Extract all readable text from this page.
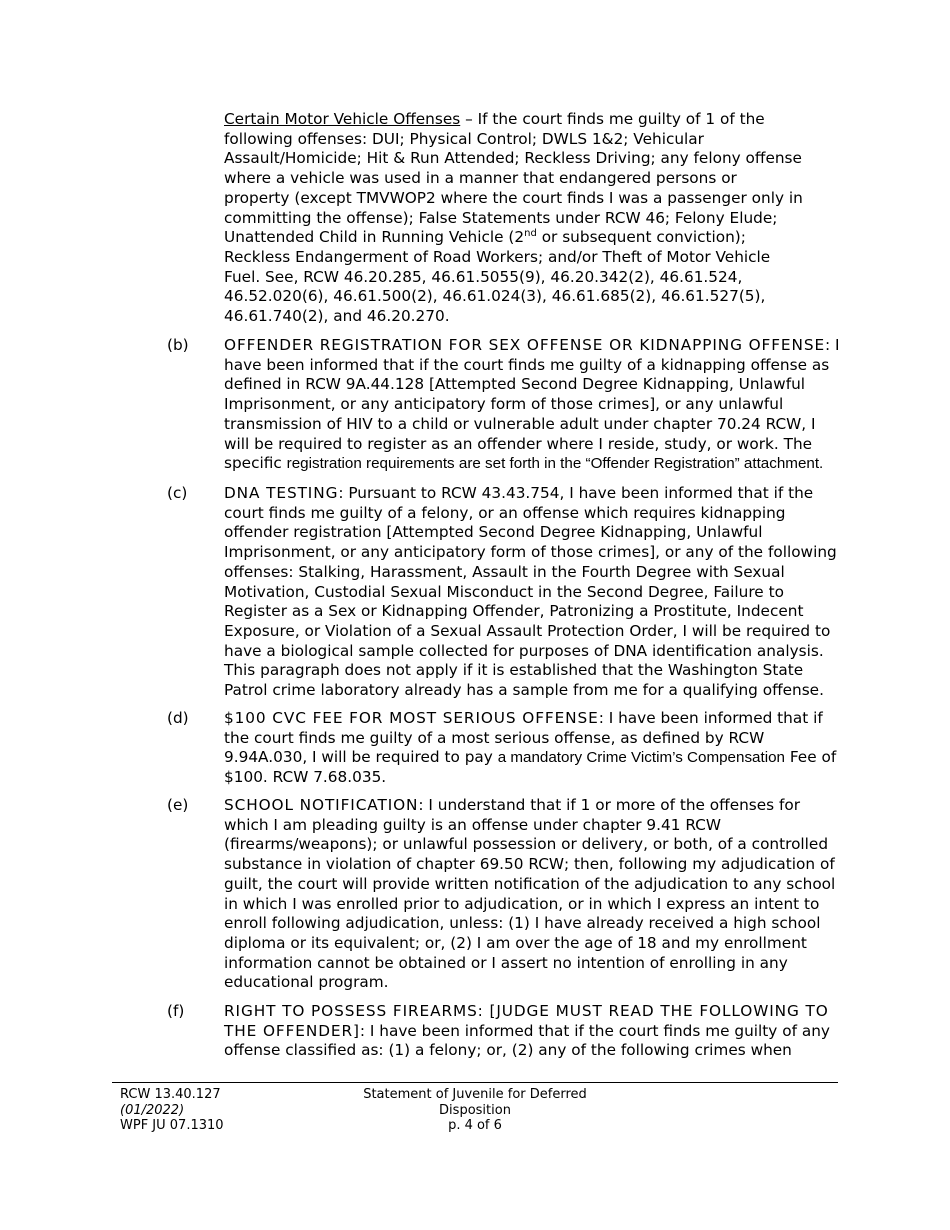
Certain Motor Vehicle Offenses – If the court finds me guilty of 1 of the following offenses: DUI; Physical Control; DWLS 1&2; Vehicular Assault/Homicide; Hit & Run Attended; Reckless Driving; any felony offense where a vehicle was used in a manner that endangered persons or property (except TMVWOP2 where the court finds I was a passenger only in committing the offense); False Statements under RCW 46; Felony Elude; Unattended Child in Running Vehicle (2nd or subsequent conviction); Reckless Endangerment of Road Workers; and/or Theft of Motor Vehicle Fuel. See, RCW 46.20.285, 46.61.5055(9), 46.20.342(2), 46.61.524, 46.52.020(6), 46.61.500(2), 46.61.024(3), 46.61.685(2), 46.61.527(5), 46.61.740(2), and 46.20.270.
(b)	OFFENDER REGISTRATION FOR SEX OFFENSE OR KIDNAPPING OFFENSE: I have been informed that if the court finds me guilty of a kidnapping offense as defined in RCW 9A.44.128 [Attempted Second Degree Kidnapping, Unlawful Imprisonment, or any anticipatory form of those crimes], or any unlawful transmission of HIV to a child or vulnerable adult under chapter 70.24 RCW, I will be required to register as an offender where I reside, study, or work. The specific registration requirements are set forth in the “Offender Registration” attachment.
(c)	DNA TESTING: Pursuant to RCW 43.43.754, I have been informed that if the court finds me guilty of a felony, or an offense which requires kidnapping offender registration [Attempted Second Degree Kidnapping, Unlawful Imprisonment, or any anticipatory form of those crimes], or any of the following offenses: Stalking, Harassment, Assault in the Fourth Degree with Sexual Motivation, Custodial Sexual Misconduct in the Second Degree, Failure to Register as a Sex or Kidnapping Offender, Patronizing a Prostitute, Indecent Exposure, or Violation of a Sexual Assault Protection Order, I will be required to have a biological sample collected for purposes of DNA identification analysis. This paragraph does not apply if it is established that the Washington State Patrol crime laboratory already has a sample from me for a qualifying offense.
(d)	$100 CVC FEE FOR MOST SERIOUS OFFENSE: I have been informed that if the court finds me guilty of a most serious offense, as defined by RCW 9.94A.030, I will be required to pay a mandatory Crime Victim’s Compensation Fee of $100. RCW 7.68.035.
(e)	SCHOOL NOTIFICATION: I understand that if 1 or more of the offenses for which I am pleading guilty is an offense under chapter 9.41 RCW (firearms/weapons); or unlawful possession or delivery, or both, of a controlled substance in violation of chapter 69.50 RCW; then, following my adjudication of guilt, the court will provide written notification of the adjudication to any school in which I was enrolled prior to adjudication, or in which I express an intent to enroll following adjudication, unless: (1) I have already received a high school diploma or its equivalent; or, (2) I am over the age of 18 and my enrollment information cannot be obtained or I assert no intention of enrolling in any educational program.
(f)	RIGHT TO POSSESS FIREARMS: [JUDGE MUST READ THE FOLLOWING TO THE OFFENDER]: I have been informed that if the court finds me guilty of any offense classified as: (1) a felony; or, (2) any of the following crimes when
RCW 13.40.127
(01/2022)
WPF JU 07.1310
Statement of Juvenile for Deferred
Disposition
p. 4 of 6
